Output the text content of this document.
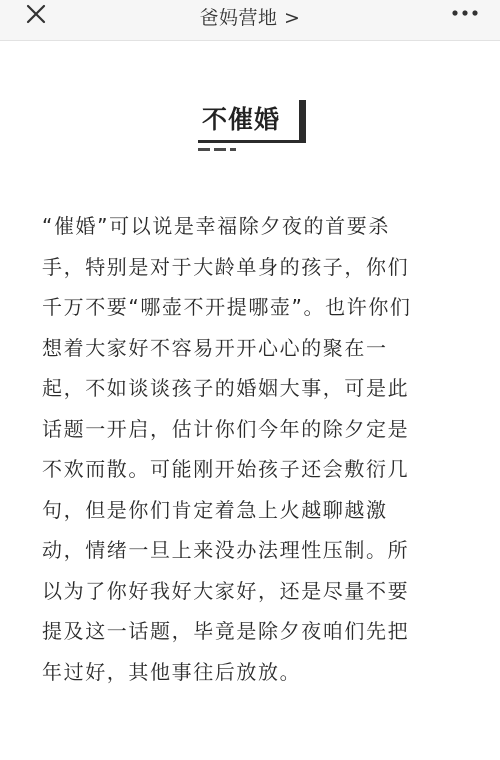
爸妈营地 >
不催婚
“催婚”可以说是幸福除夕夜的首要杀
手，特别是对于大龄单身的孩子，你们
千万不要“哪壶不开提哪壶”。也许你们
想着大家好不容易开开心心的聚在一
起，不如谈谈孩子的婚姻大事，可是此
话题一开启，估计你们今年的除夕定是
不欢而散。可能刚开始孩子还会敷衍几
句，但是你们肯定着急上火越聊越激
动，情绪一旦上来没办法理性压制。所
以为了你好我好大家好，还是尽量不要
提及这一话题，毕竟是除夕夜咱们先把
年过好，其他事往后放放。
